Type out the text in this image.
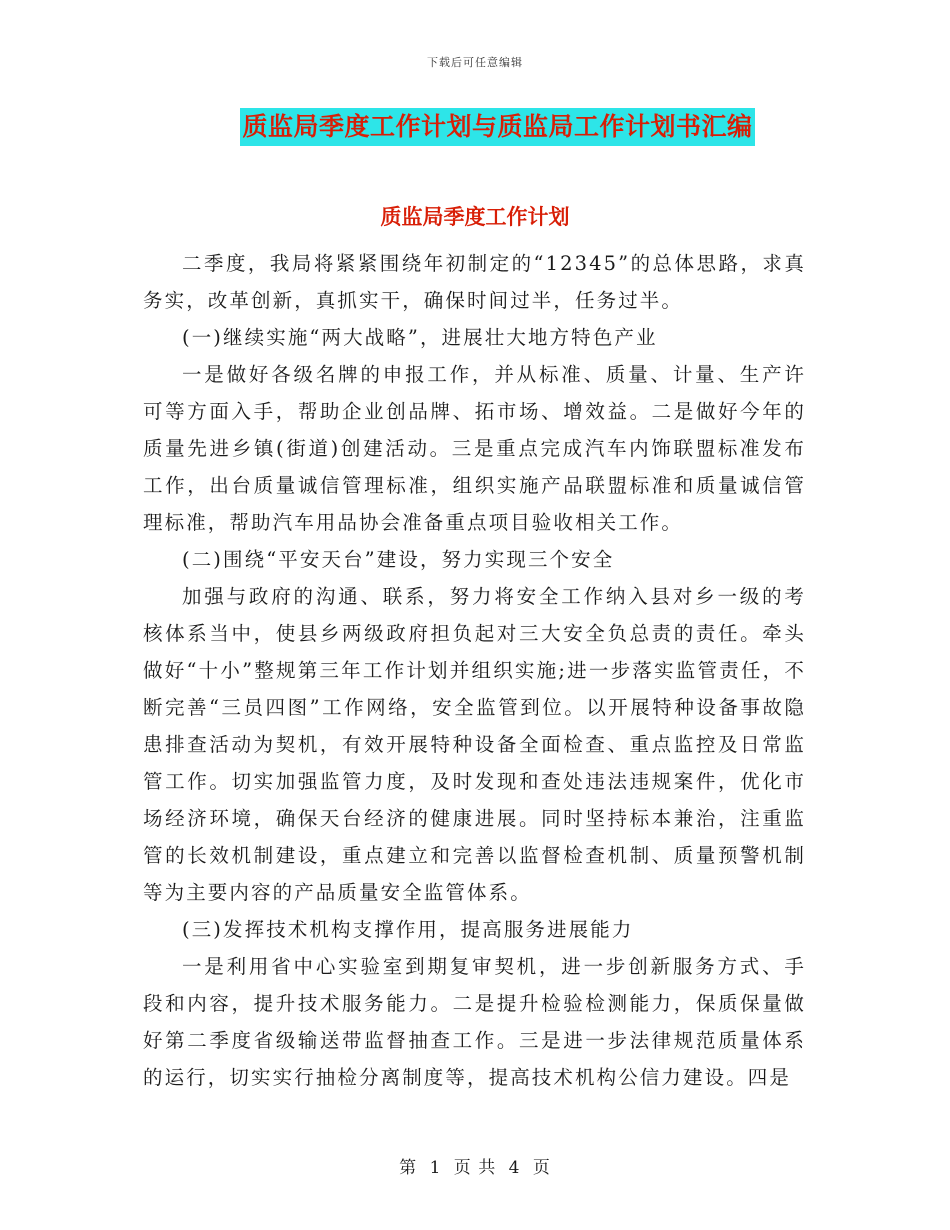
下载后可任意编辑
质监局季度工作计划与质监局工作计划书汇编
质监局季度工作计划

二季度，我局将紧紧围绕年初制定的“12345”的总体思路，求真务实，改革创新，真抓实干，确保时间过半，任务过半。

(一)继续实施“两大战略”，进展壮大地方特色产业

一是做好各级名牌的申报工作，并从标准、质量、计量、生产许可等方面入手，帮助企业创品牌、拓市场、增效益。二是做好今年的质量先进乡镇(街道)创建活动。三是重点完成汽车内饰联盟标准发布工作，出台质量诚信管理标准，组织实施产品联盟标准和质量诚信管理标准，帮助汽车用品协会准备重点项目验收相关工作。

(二)围绕“平安天台”建设，努力实现三个安全

加强与政府的沟通、联系，努力将安全工作纳入县对乡一级的考核体系当中，使县乡两级政府担负起对三大安全负总责的责任。牵头做好“十小”整规第三年工作计划并组织实施;进一步落实监管责任，不断完善“三员四图”工作网络，安全监管到位。以开展特种设备事故隐患排查活动为契机，有效开展特种设备全面检查、重点监控及日常监管工作。切实加强监管力度，及时发现和查处违法违规案件，优化市场经济环境，确保天台经济的健康进展。同时坚持标本兼治，注重监管的长效机制建设，重点建立和完善以监督检查机制、质量预警机制等为主要内容的产品质量安全监管体系。

(三)发挥技术机构支撑作用，提高服务进展能力

一是利用省中心实验室到期复审契机，进一步创新服务方式、手段和内容，提升技术服务能力。二是提升检验检测能力，保质保量做好第二季度省级输送带监督抽查工作。三是进一步法律规范质量体系的运行，切实实行抽检分离制度等，提高技术机构公信力建设。四是

第 1 页 共 4 页
